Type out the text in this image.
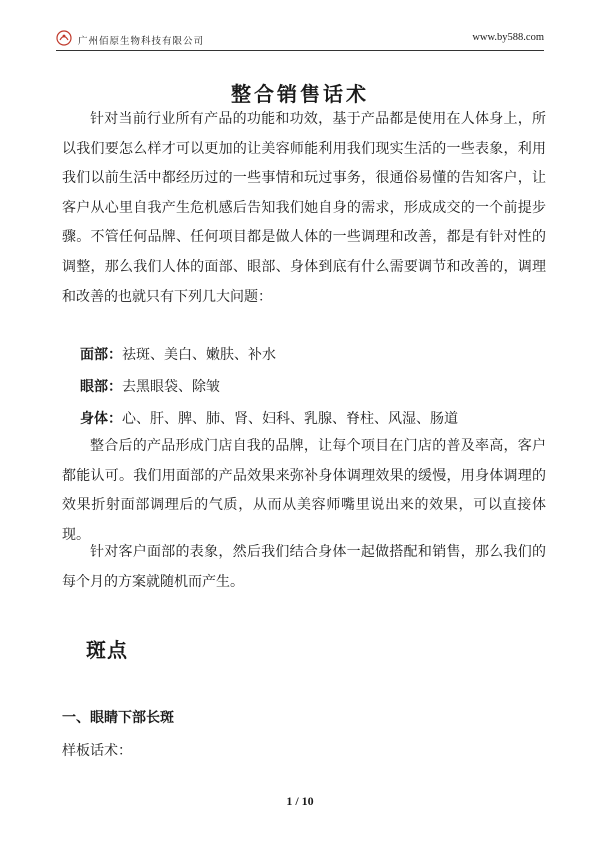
广州佰原生物科技有限公司	www.by588.com
整合销售话术

针对当前行业所有产品的功能和功效，基于产品都是使用在人体身上，所以我们要怎么样才可以更加的让美容师能利用我们现实生活的一些表象，利用我们以前生活中都经历过的一些事情和玩过事务，很通俗易懂的告知客户，让客户从心里自我产生危机感后告知我们她自身的需求，形成成交的一个前提步骤。不管任何品牌、任何项目都是做人体的一些调理和改善，都是有针对性的调整，那么我们人体的面部、眼部、身体到底有什么需要调节和改善的，调理和改善的也就只有下列几大问题：

面部：祛斑、美白、嫩肤、补水
眼部：去黑眼袋、除皱
身体：心、肝、脾、肺、肾、妇科、乳腺、脊柱、风湿、肠道

整合后的产品形成门店自我的品牌，让每个项目在门店的普及率高，客户都能认可。我们用面部的产品效果来弥补身体调理效果的缓慢，用身体调理的效果折射面部调理后的气质，从而从美容师嘴里说出来的效果，可以直接体现。

针对客户面部的表象，然后我们结合身体一起做搭配和销售，那么我们的每个月的方案就随机而产生。

斑点
一、眼睛下部长斑
样板话术：
1 / 10
